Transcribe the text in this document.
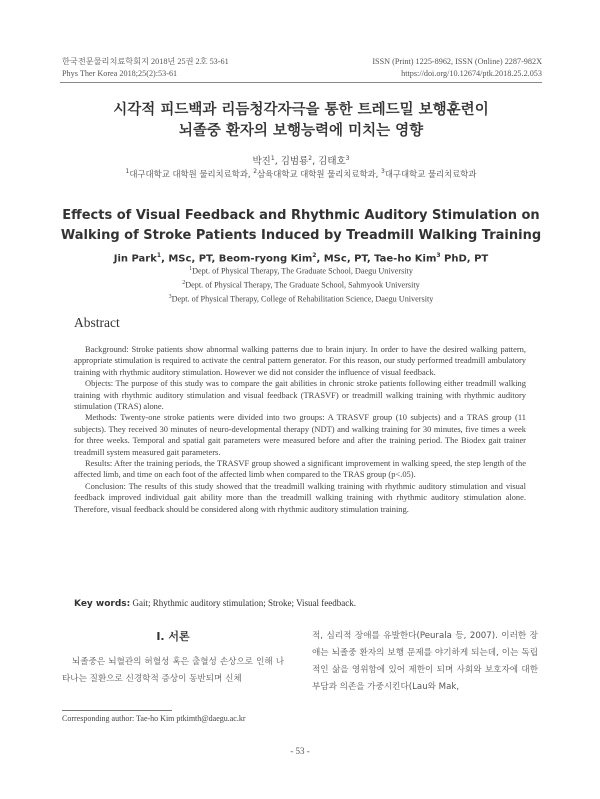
한국전문물리치료학회지 2018년 25권 2호 53-61
Phys Ther Korea 2018;25(2):53-61
ISSN (Print) 1225-8962, ISSN (Online) 2287-982X
https://doi.org/10.12674/ptk.2018.25.2.053
시각적 피드백과 리듬청각자극을 통한 트레드밀 보행훈련이
뇌졸중 환자의 보행능력에 미치는 영향
박진$^1$, 김범룡$^2$, 김태호$^3$
$^1$대구대학교 대학원 물리치료학과, $^2$삼육대학교 대학원 물리치료학과, $^3$대구대학교 물리치료학과
Effects of Visual Feedback and Rhythmic Auditory Stimulation on
Walking of Stroke Patients Induced by Treadmill Walking Training
Jin Park$^1$, MSc, PT, Beom-ryong Kim$^2$, MSc, PT, Tae-ho Kim$^3$ PhD, PT
$^1$Dept. of Physical Therapy, The Graduate School, Daegu University
$^2$Dept. of Physical Therapy, The Graduate School, Sahmyook University
$^3$Dept. of Physical Therapy, College of Rehabilitation Science, Daegu University
Abstract

Background: Stroke patients show abnormal walking patterns due to brain injury. In order to have the desired walking pattern, appropriate stimulation is required to activate the central pattern generator. For this reason, our study performed treadmill ambulatory training with rhythmic auditory stimulation. However we did not consider the influence of visual feedback.

Objects: The purpose of this study was to compare the gait abilities in chronic stroke patients following either treadmill walking training with rhythmic auditory stimulation and visual feedback (TRASVF) or treadmill walking training with rhythmic auditory stimulation (TRAS) alone.

Methods: Twenty-one stroke patients were divided into two groups: A TRASVF group (10 subjects) and a TRAS group (11 subjects). They received 30 minutes of neuro-developmental therapy (NDT) and walking training for 30 minutes, five times a week for three weeks. Temporal and spatial gait parameters were measured before and after the training period. The Biodex gait trainer treadmill system measured gait parameters.

Results: After the training periods, the TRASVF group showed a significant improvement in walking speed, the step length of the affected limb, and time on each foot of the affected limb when compared to the TRAS group (p<.05).

Conclusion: The results of this study showed that the treadmill walking training with rhythmic auditory stimulation and visual feedback improved individual gait ability more than the treadmill walking training with rhythmic auditory stimulation alone. Therefore, visual feedback should be considered along with rhythmic auditory stimulation training.

Key words: Gait; Rhythmic auditory stimulation; Stroke; Visual feedback.
Ⅰ. 서론

뇌졸중은 뇌혈관의 허혈성 혹은 출혈성 손상으로 인해 나타나는 질환으로 신경학적 증상이 동반되며 신체

적, 심리적 장애를 유발한다(Peurala 등, 2007). 이러한 장애는 뇌졸중 환자의 보행 문제를 야기하게 되는데, 이는 독립적인 삶을 영위함에 있어 제한이 되며 사회와 보호자에 대한 부담과 의존을 가중시킨다(Lau와 Mak,

Corresponding author: Tae-ho Kim ptkimth@daegu.ac.kr
- 53 -
